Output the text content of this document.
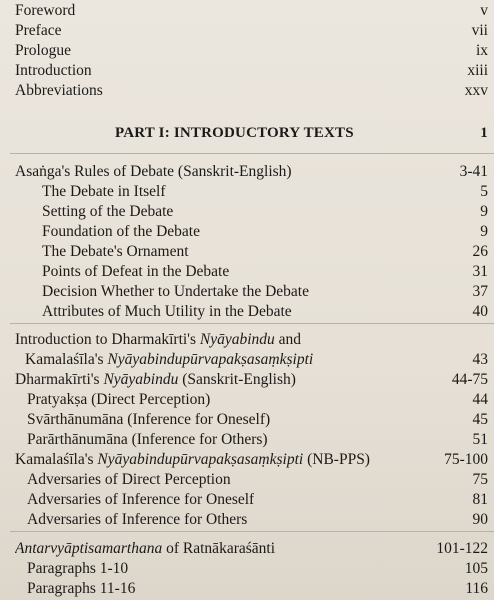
Foreword	v
Preface	vii
Prologue	ix
Introduction	xiii
Abbreviations	xxv
PART I: INTRODUCTORY TEXTS	1
Asaṅga's Rules of Debate (Sanskrit-English)	3-41
The Debate in Itself	5
Setting of the Debate	9
Foundation of the Debate	9
The Debate's Ornament	26
Points of Defeat in the Debate	31
Decision Whether to Undertake the Debate	37
Attributes of Much Utility in the Debate	40
Introduction to Dharmakīrti's Nyāyabindu and
Kamalaśīla's Nyāyabindupūrvapakṣasaṃkṣipti	43
Dharmakīrti's Nyāyabindu (Sanskrit-English)	44-75
Pratyakṣa (Direct Perception)	44
Svārthānumāna (Inference for Oneself)	45
Parārthānumāna (Inference for Others)	51
Kamalaśīla's Nyāyabindupūrvapakṣasaṃkṣipti (NB-PPS)	75-100
Adversaries of Direct Perception	75
Adversaries of Inference for Oneself	81
Adversaries of Inference for Others	90
Antarvyāptisamarthana of Ratnākaraśānti	101-122
Paragraphs 1-10	105
Paragraphs 11-16	116
